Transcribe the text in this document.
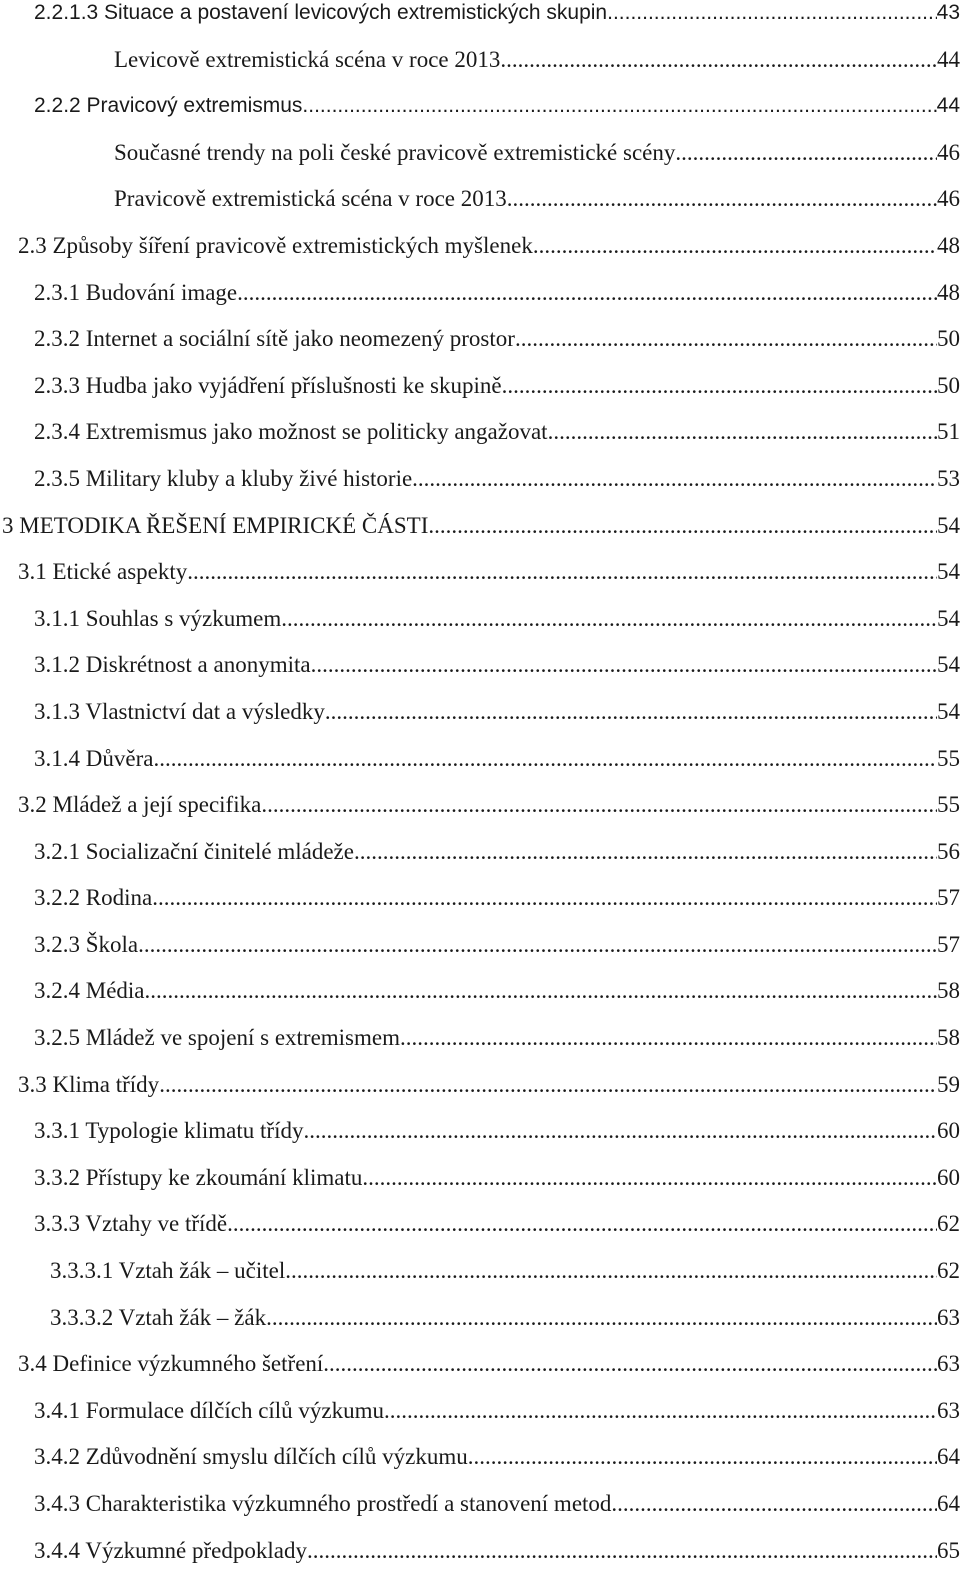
2.2.1.3 Situace a postavení levicových extremistických skupin .....	43
Levicově extremistická scéna v roce 2013 .....	44
2.2.2 Pravicový extremismus .....	44
Současné trendy na poli české pravicově extremistické scény .....	46
Pravicově extremistická scéna v roce 2013 .....	46
2.3 Způsoby šíření pravicově extremistických myšlenek .....	48
2.3.1 Budování image .....	48
2.3.2 Internet a sociální sítě jako neomezený prostor .....	50
2.3.3 Hudba jako vyjádření příslušnosti ke skupině .....	50
2.3.4 Extremismus jako možnost se politicky angažovat .....	51
2.3.5 Military kluby a kluby živé historie .....	53
3 METODIKA ŘEŠENÍ EMPIRICKÉ ČÁSTI .....	54
3.1 Etické aspekty .....	54
3.1.1 Souhlas s výzkumem .....	54
3.1.2 Diskrétnost a anonymita .....	54
3.1.3 Vlastnictví dat a výsledky .....	54
3.1.4 Důvěra .....	55
3.2 Mládež a její specifika .....	55
3.2.1 Socializační činitelé mládeže .....	56
3.2.2 Rodina .....	57
3.2.3 Škola .....	57
3.2.4 Média .....	58
3.2.5 Mládež ve spojení s extremismem .....	58
3.3 Klima třídy .....	59
3.3.1 Typologie klimatu třídy .....	60
3.3.2 Přístupy ke zkoumání klimatu .....	60
3.3.3 Vztahy ve třídě .....	62
3.3.3.1 Vztah žák – učitel .....	62
3.3.3.2 Vztah žák – žák .....	63
3.4 Definice výzkumného šetření .....	63
3.4.1 Formulace dílčích cílů výzkumu .....	63
3.4.2 Zdůvodnění smyslu dílčích cílů výzkumu .....	64
3.4.3 Charakteristika výzkumného prostředí a stanovení metod .....	64
3.4.4 Výzkumné předpoklady .....	65
